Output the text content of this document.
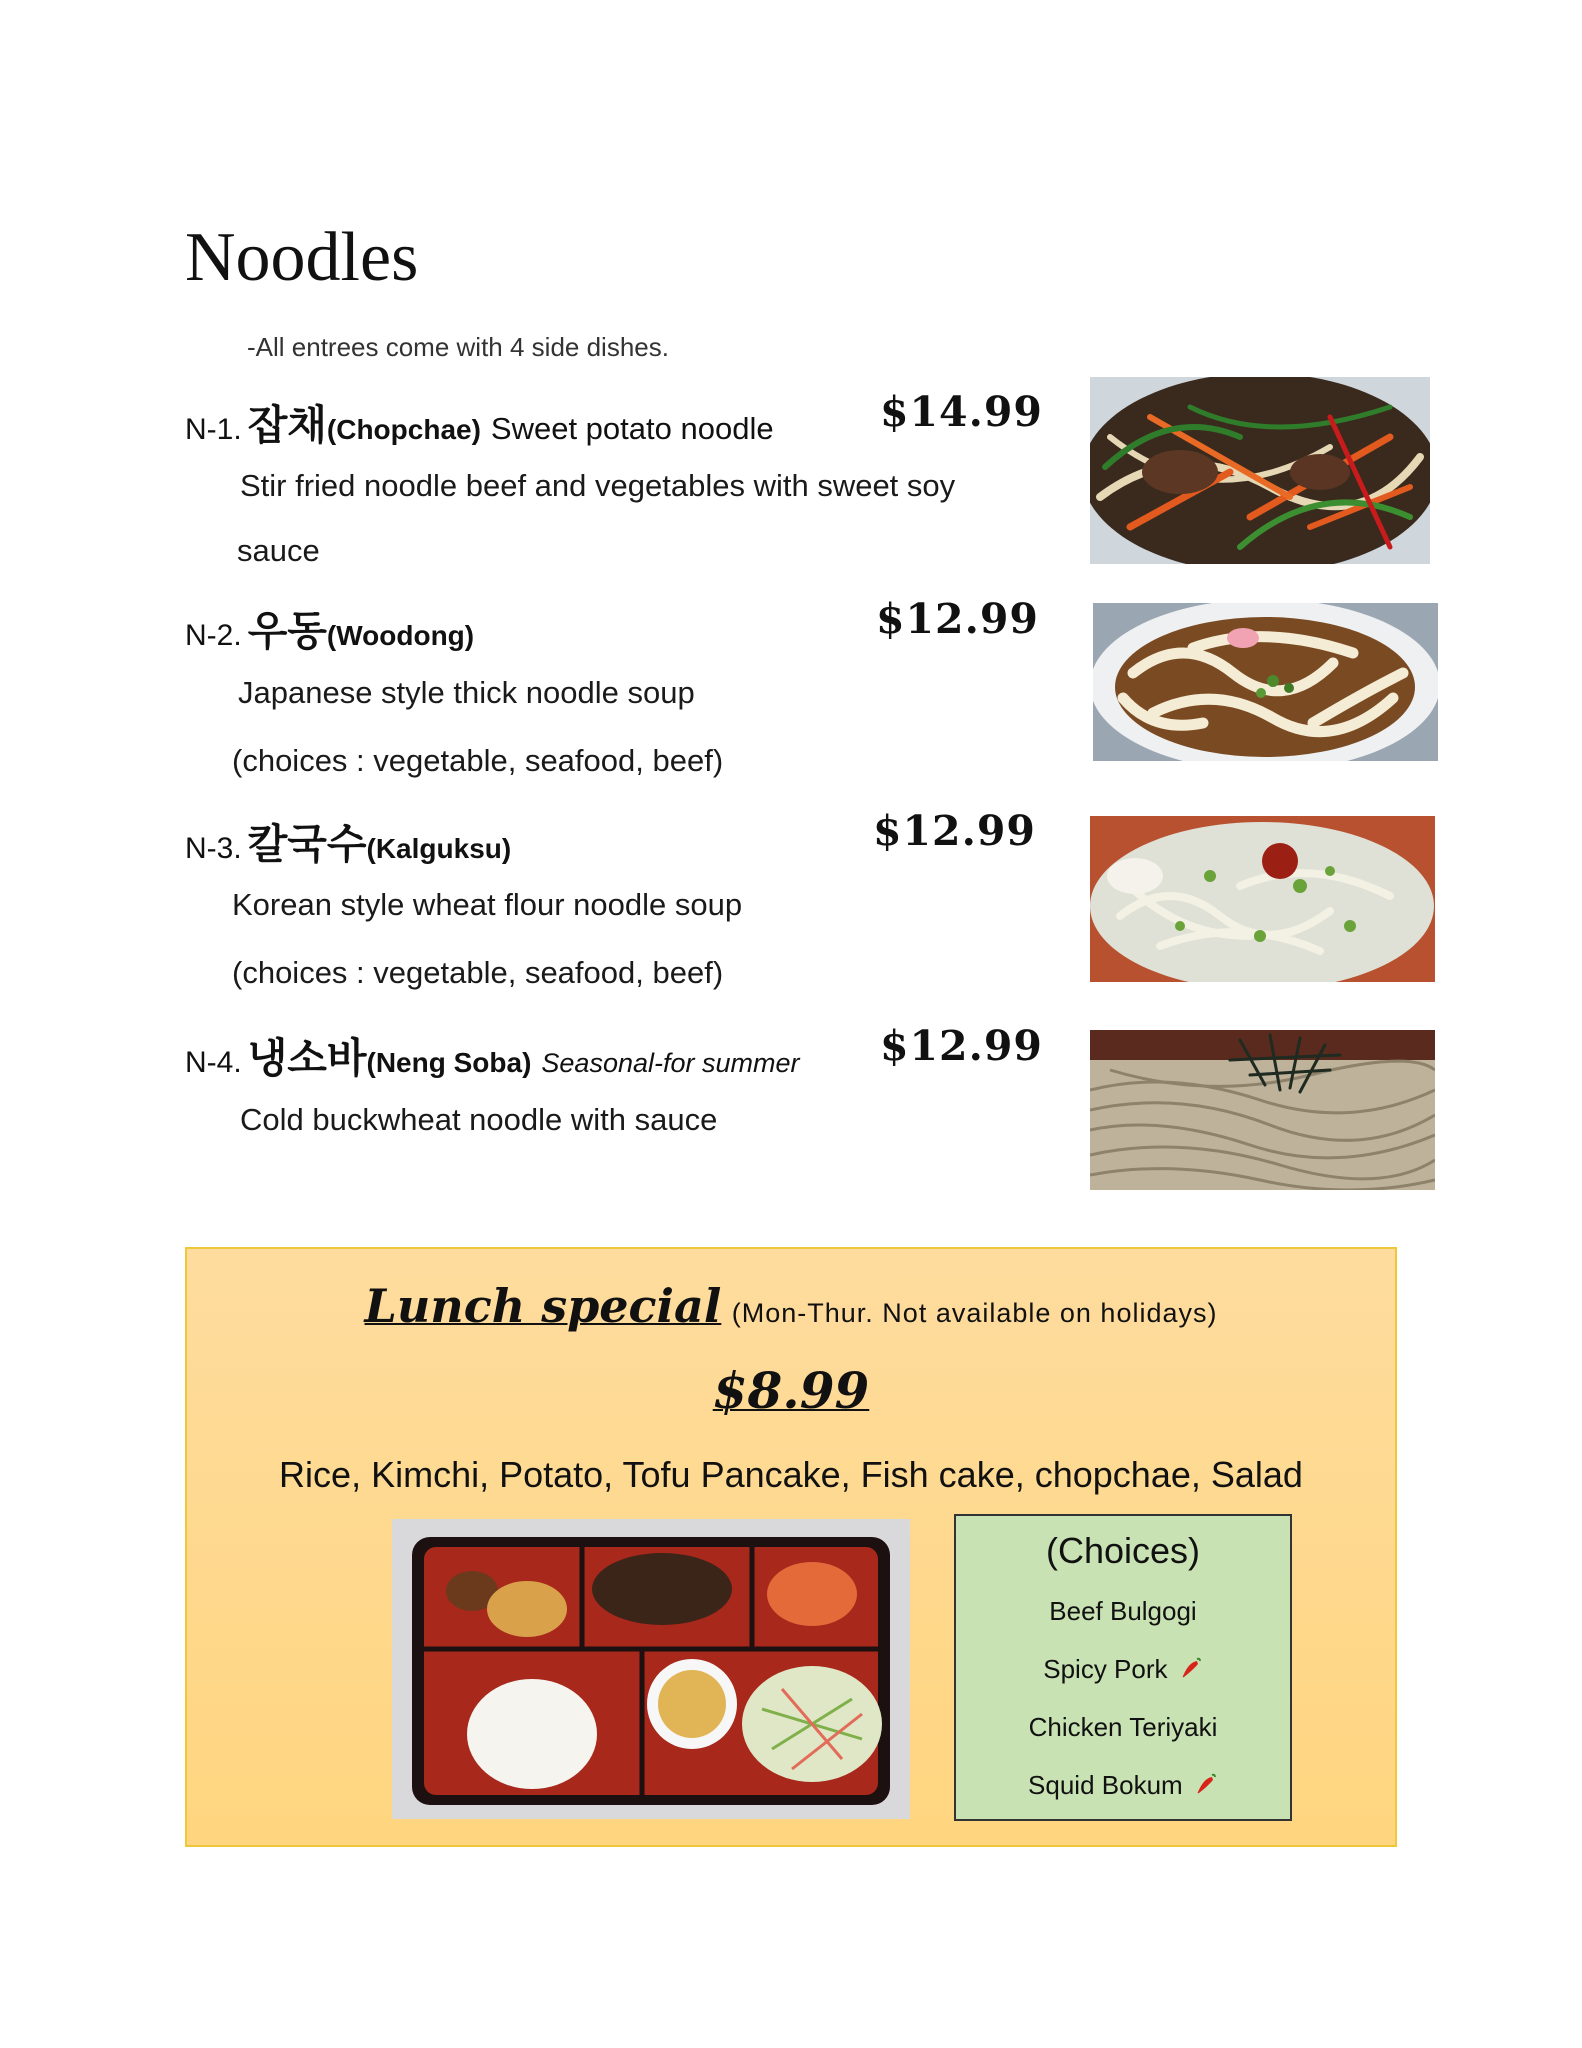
Noodles
-All entrees come with 4 side dishes.
N-1. 잡채 (Chopchae) Sweet potato noodle	$14.99
Stir fried noodle beef and vegetables with sweet soy
sauce
N-2. 우동 (Woodong)	$12.99
Japanese style thick noodle soup
(choices : vegetable, seafood, beef)
N-3. 칼국수 (Kalguksu)	$12.99
Korean style wheat flour noodle soup
(choices : vegetable, seafood, beef)
N-4. 냉소바 (Neng Soba) Seasonal-for summer $12.99
Cold buckwheat noodle with sauce
Lunch special (Mon-Thur. Not available on holidays)
$8.99
Rice, Kimchi, Potato, Tofu Pancake, Fish cake, chopchae, Salad
(Choices)
Beef Bulgogi
Spicy Pork
Chicken Teriyaki
Squid Bokum
